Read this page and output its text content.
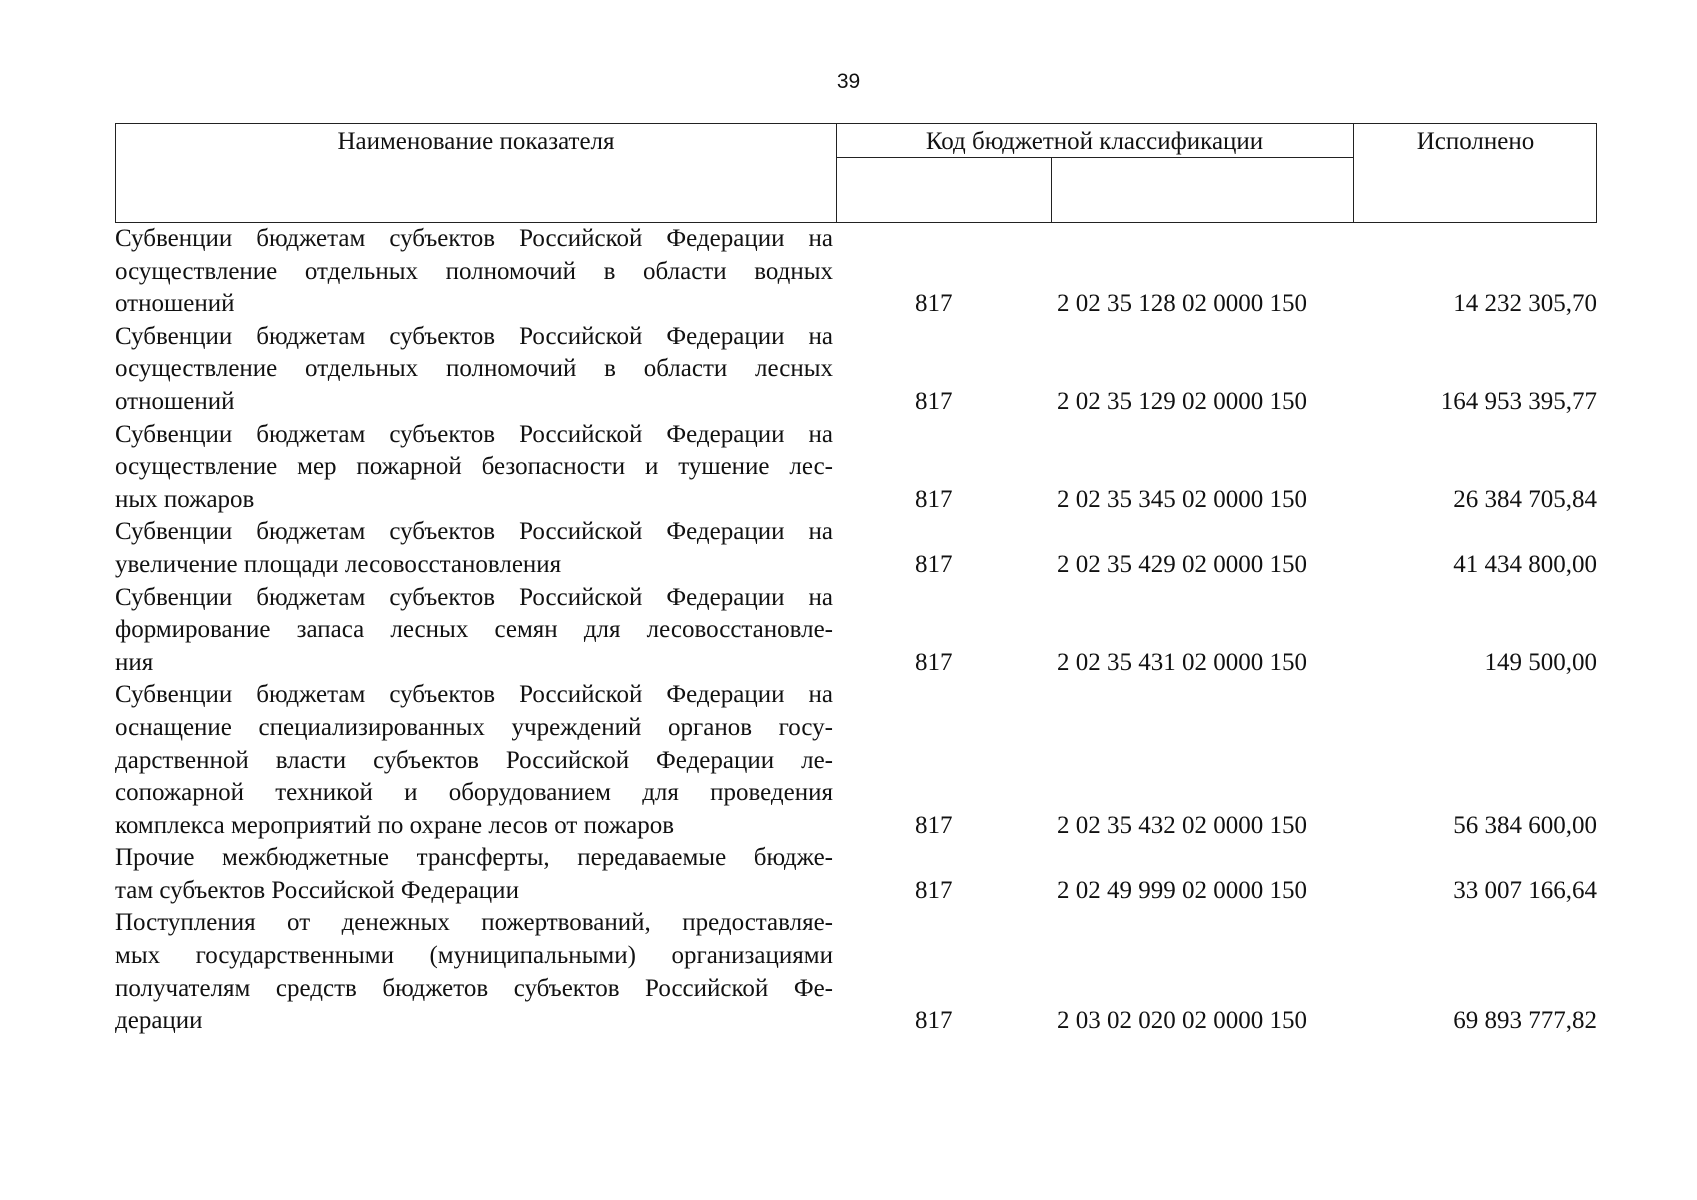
39
Наименование показателя	Код бюджетной классификации	Исполнено
Субвенции бюджетам субъектов Российской Федерации на
осуществление отдельных полномочий в области водных
отношений	817	2 02 35 128 02 0000 150	14 232 305,70
Субвенции бюджетам субъектов Российской Федерации на
осуществление отдельных полномочий в области лесных
отношений	817	2 02 35 129 02 0000 150	164 953 395,77
Субвенции бюджетам субъектов Российской Федерации на
осуществление мер пожарной безопасности и тушение лес-
ных пожаров	817	2 02 35 345 02 0000 150	26 384 705,84
Субвенции бюджетам субъектов Российской Федерации на
увеличение площади лесовосстановления	817	2 02 35 429 02 0000 150	41 434 800,00
Субвенции бюджетам субъектов Российской Федерации на
формирование запаса лесных семян для лесовосстановле-
ния	817	2 02 35 431 02 0000 150	149 500,00
Субвенции бюджетам субъектов Российской Федерации на
оснащение специализированных учреждений органов госу-
дарственной власти субъектов Российской Федерации ле-
сопожарной техникой и оборудованием для проведения
комплекса мероприятий по охране лесов от пожаров	817	2 02 35 432 02 0000 150	56 384 600,00
Прочие межбюджетные трансферты, передаваемые бюдже-
там субъектов Российской Федерации	817	2 02 49 999 02 0000 150	33 007 166,64
Поступления от денежных пожертвований, предоставляе-
мых государственными (муниципальными) организациями
получателям средств бюджетов субъектов Российской Фе-
дерации	817	2 03 02 020 02 0000 150	69 893 777,82
